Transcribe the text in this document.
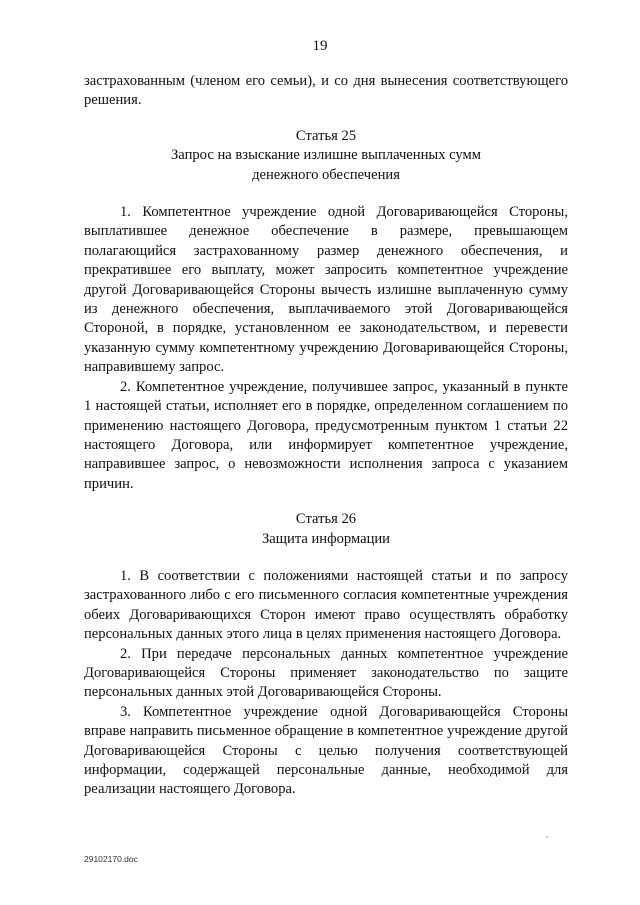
19

застрахованным (членом его семьи), и со дня вынесения соответствующего решения.

Статья 25

Запрос на взыскание излишне выплаченных сумм

денежного обеспечения

1. Компетентное учреждение одной Договаривающейся Стороны, выплатившее денежное обеспечение в размере, превышающем полагающийся застрахованному размер денежного обеспечения, и прекратившее его выплату, может запросить компетентное учреждение другой Договаривающейся Стороны вычесть излишне выплаченную сумму из денежного обеспечения, выплачиваемого этой Договаривающейся Стороной, в порядке, установленном ее законодательством, и перевести указанную сумму компетентному учреждению Договаривающейся Стороны, направившему запрос.

2. Компетентное учреждение, получившее запрос, указанный в пункте 1 настоящей статьи, исполняет его в порядке, определенном соглашением по применению настоящего Договора, предусмотренным пунктом 1 статьи 22 настоящего Договора, или информирует компетентное учреждение, направившее запрос, о невозможности исполнения запроса с указанием причин.

Статья 26

Защита информации

1. В соответствии с положениями настоящей статьи и по запросу застрахованного либо с его письменного согласия компетентные учреждения обеих Договаривающихся Сторон имеют право осуществлять обработку персональных данных этого лица в целях применения настоящего Договора.

2. При передаче персональных данных компетентное учреждение Договаривающейся Стороны применяет законодательство по защите персональных данных этой Договаривающейся Стороны.

3. Компетентное учреждение одной Договаривающейся Стороны вправе направить письменное обращение в компетентное учреждение другой Договаривающейся Стороны с целью получения соответствующей информации, содержащей персональные данные, необходимой для реализации настоящего Договора.

29102170.doc
